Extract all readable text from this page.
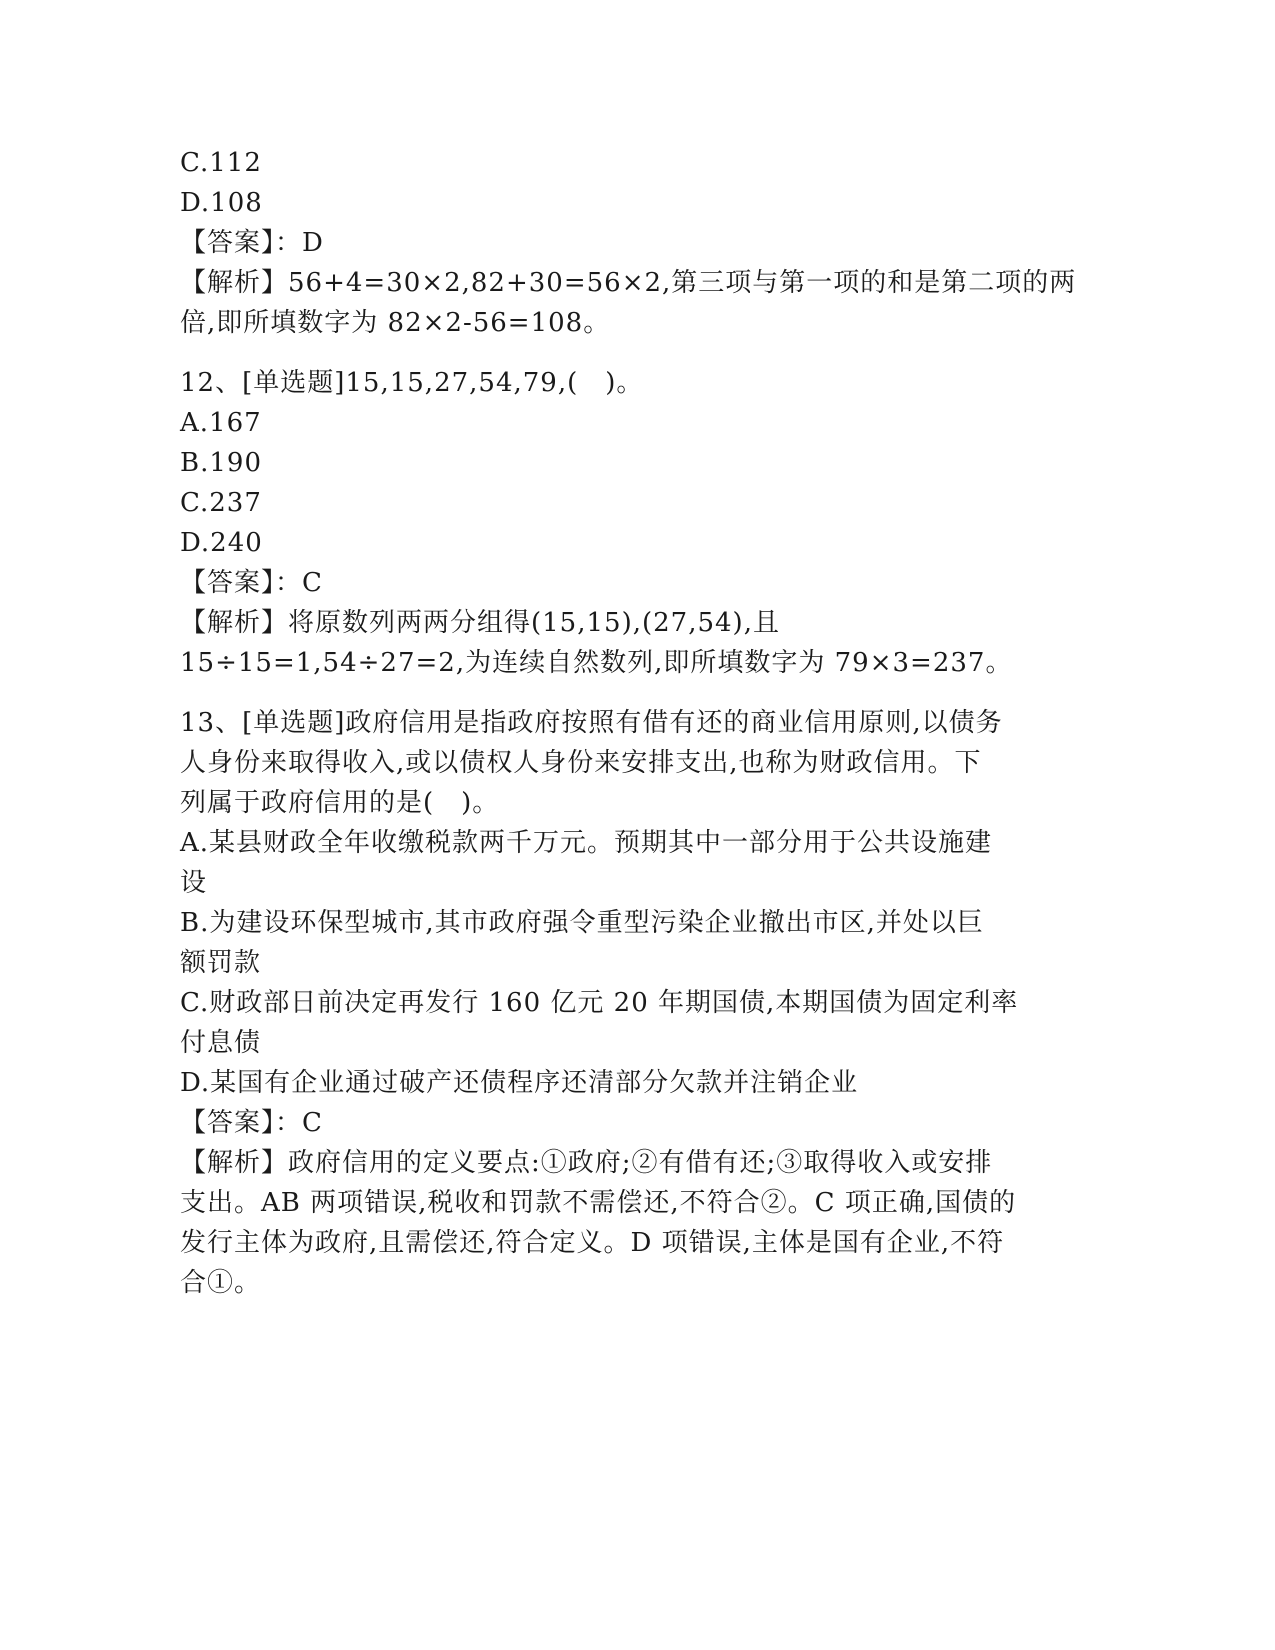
C.112
D.108
【答案】：D
【解析】56+4=30×2,82+30=56×2,第三项与第一项的和是第二项的两
倍,即所填数字为 82×2-56=108。
12、[单选题]15,15,27,54,79,(　)。
A.167
B.190
C.237
D.240
【答案】：C
【解析】将原数列两两分组得(15,15),(27,54),且
15÷15=1,54÷27=2,为连续自然数列,即所填数字为 79×3=237。
13、[单选题]政府信用是指政府按照有借有还的商业信用原则,以债务
人身份来取得收入,或以债权人身份来安排支出,也称为财政信用。下
列属于政府信用的是(　)。
A.某县财政全年收缴税款两千万元。预期其中一部分用于公共设施建
设
B.为建设环保型城市,其市政府强令重型污染企业撤出市区,并处以巨
额罚款
C.财政部日前决定再发行 160 亿元 20 年期国债,本期国债为固定利率
付息债
D.某国有企业通过破产还债程序还清部分欠款并注销企业
【答案】：C
【解析】政府信用的定义要点:①政府;②有借有还;③取得收入或安排
支出。AB 两项错误,税收和罚款不需偿还,不符合②。C 项正确,国债的
发行主体为政府,且需偿还,符合定义。D 项错误,主体是国有企业,不符
合①。
